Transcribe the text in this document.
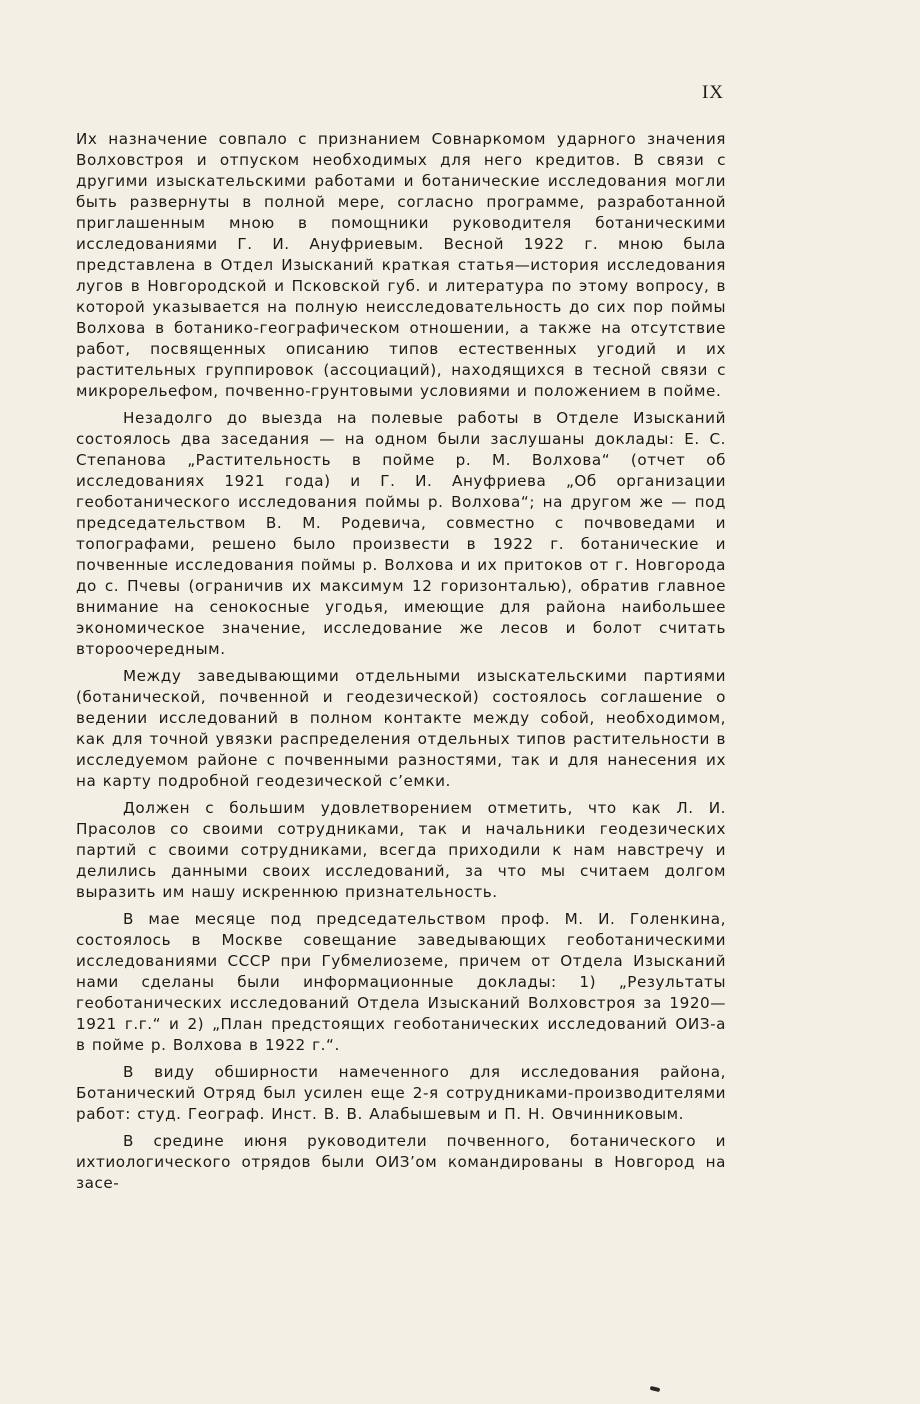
IX

Их назначение совпало с признанием Совнаркомом ударного значения Волховстроя и отпуском необходимых для него кредитов. В связи с другими изыскательскими работами и ботанические исследования могли быть развернуты в полной мере, согласно программе, разработанной приглашенным мною в помощники руководителя ботаническими исследованиями Г. И. Ануфриевым. Весной 1922 г. мною была представлена в Отдел Изысканий краткая статья—история исследования лугов в Новгородской и Псковской губ. и литература по этому вопросу, в которой указывается на полную неисследовательность до сих пор поймы Волхова в ботанико-географическом отношении, а также на отсутствие работ, посвященных описанию типов естественных угодий и их растительных группировок (ассоциаций), находящихся в тесной связи с микрорельефом, почвенно-грунтовыми условиями и положением в пойме.

Незадолго до выезда на полевые работы в Отделе Изысканий состоялось два заседания — на одном были заслушаны доклады: Е. С. Степанова „Растительность в пойме р. М. Волхова“ (отчет об исследованиях 1921 года) и Г. И. Ануфриева „Об организации геоботанического исследования поймы р. Волхова“; на другом же — под председательством В. М. Родевича, совместно с почвоведами и топографами, решено было произвести в 1922 г. ботанические и почвенные исследования поймы р. Волхова и их притоков от г. Новгорода до с. Пчевы (ограничив их максимум 12 горизонталью), обратив главное внимание на сенокосные угодья, имеющие для района наибольшее экономическое значение, исследование же лесов и болот считать второочередным.

Между заведывающими отдельными изыскательскими партиями (ботанической, почвенной и геодезической) состоялось соглашение о ведении исследований в полном контакте между собой, необходимом, как для точной увязки распределения отдельных типов растительности в исследуемом районе с почвенными разностями, так и для нанесения их на карту подробной геодезической с’емки.

Должен с большим удовлетворением отметить, что как Л. И. Прасолов со своими сотрудниками, так и начальники геодезических партий с своими сотрудниками, всегда приходили к нам навстречу и делились данными своих исследований, за что мы считаем долгом выразить им нашу искреннюю признательность.

В мае месяце под председательством проф. М. И. Голенкина, состоялось в Москве совещание заведывающих геоботаническими исследованиями СССР при Губмелиоземе, причем от Отдела Изысканий нами сделаны были информационные доклады: 1) „Результаты геоботанических исследований Отдела Изысканий Волховстроя за 1920—1921 г.г.“ и 2) „План предстоящих геоботанических исследований ОИЗ-а в пойме р. Волхова в 1922 г.“.

В виду обширности намеченного для исследования района, Ботанический Отряд был усилен еще 2-я сотрудниками-производителями работ: студ. Географ. Инст. В. В. Алабышевым и П. Н. Овчинниковым.

В средине июня руководители почвенного, ботанического и ихтиологического отрядов были ОИЗ’ом командированы в Новгород на засе-
